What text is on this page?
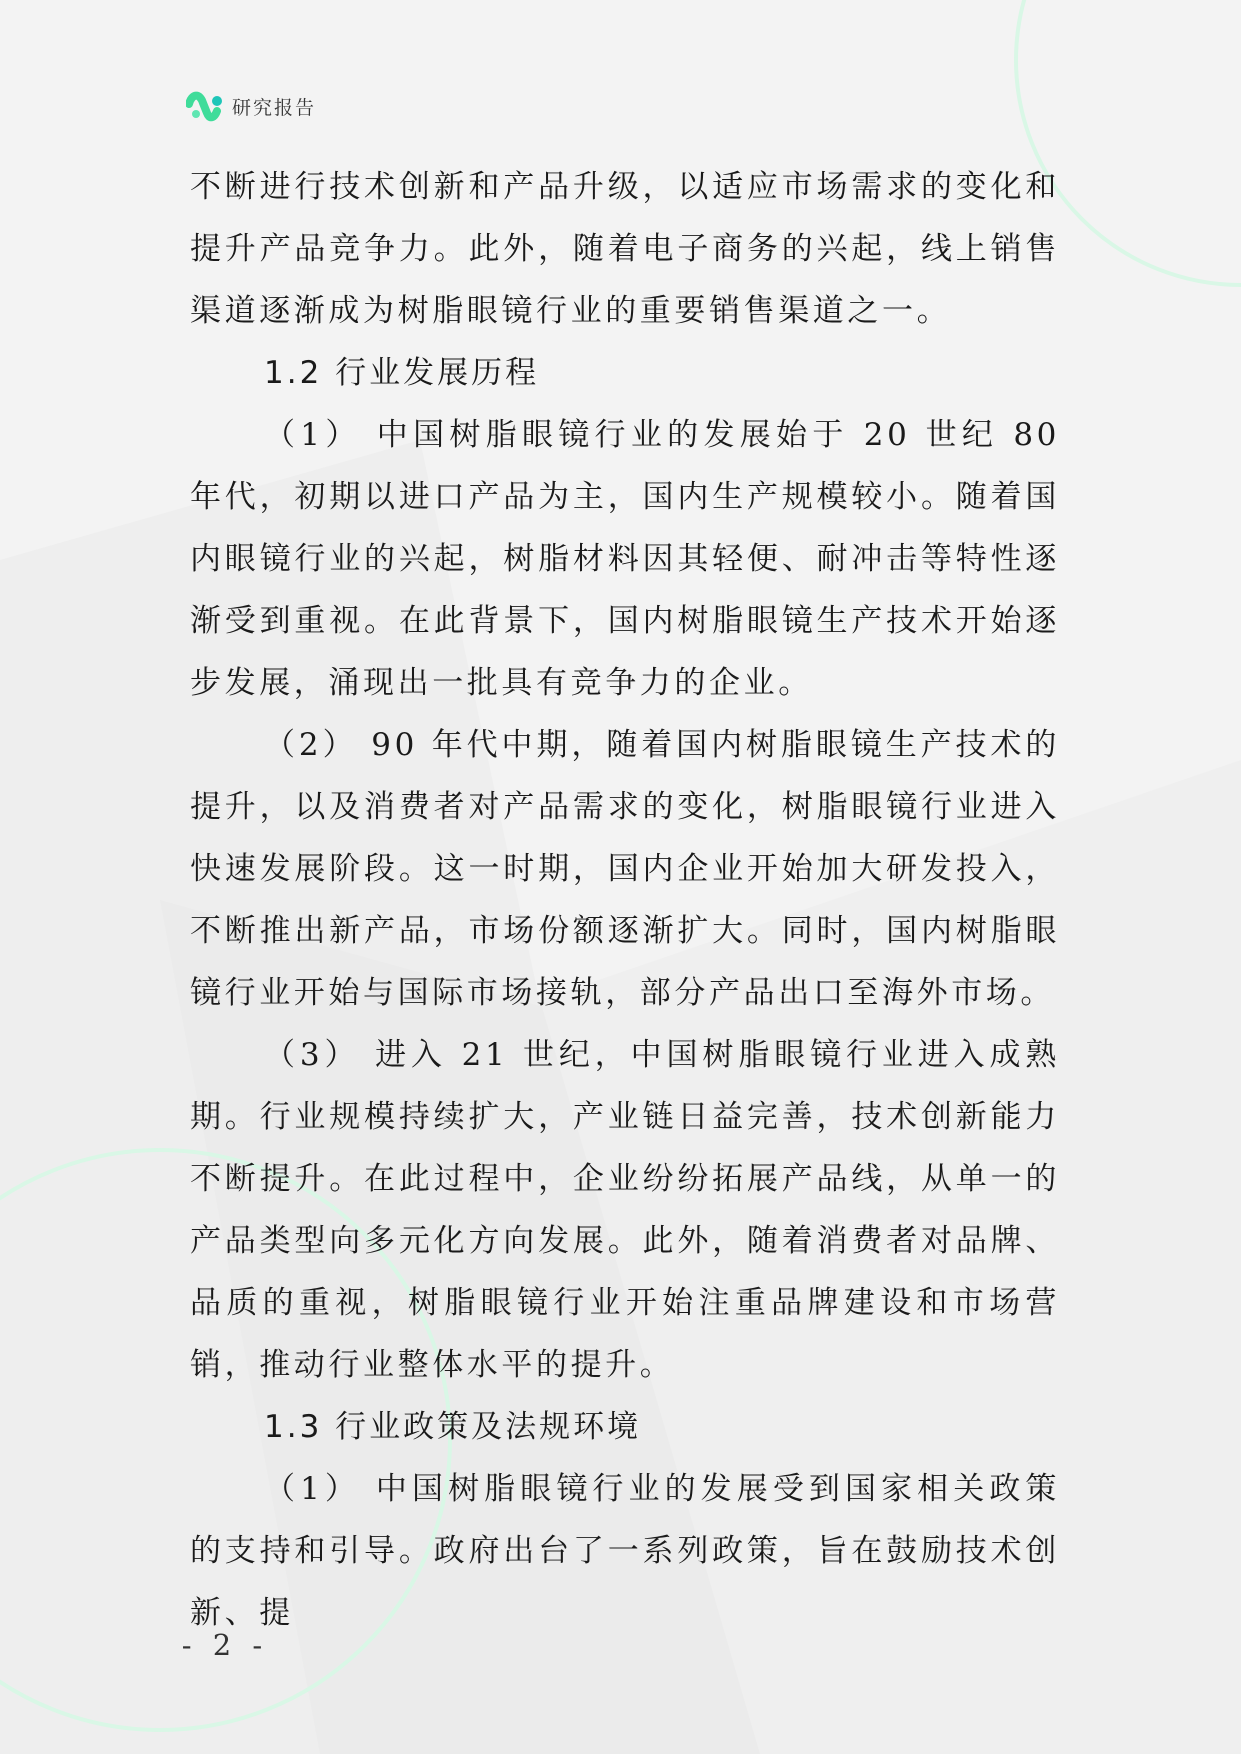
研究报告

不断进行技术创新和产品升级，以适应市场需求的变化和提升产品竞争力。此外，随着电子商务的兴起，线上销售渠道逐渐成为树脂眼镜行业的重要销售渠道之一。

1.2 行业发展历程

（1） 中国树脂眼镜行业的发展始于 20 世纪 80 年代，初期以进口产品为主，国内生产规模较小。随着国内眼镜行业的兴起，树脂材料因其轻便、耐冲击等特性逐渐受到重视。在此背景下，国内树脂眼镜生产技术开始逐步发展，涌现出一批具有竞争力的企业。

（2） 90 年代中期，随着国内树脂眼镜生产技术的提升，以及消费者对产品需求的变化，树脂眼镜行业进入快速发展阶段。这一时期，国内企业开始加大研发投入，不断推出新产品，市场份额逐渐扩大。同时，国内树脂眼镜行业开始与国际市场接轨，部分产品出口至海外市场。

（3） 进入 21 世纪，中国树脂眼镜行业进入成熟期。行业规模持续扩大，产业链日益完善，技术创新能力不断提升。在此过程中，企业纷纷拓展产品线，从单一的产品类型向多元化方向发展。此外，随着消费者对品牌、品质的重视，树脂眼镜行业开始注重品牌建设和市场营销，推动行业整体水平的提升。

1.3 行业政策及法规环境

（1） 中国树脂眼镜行业的发展受到国家相关政策的支持和引导。政府出台了一系列政策，旨在鼓励技术创新、提

- 2 -
